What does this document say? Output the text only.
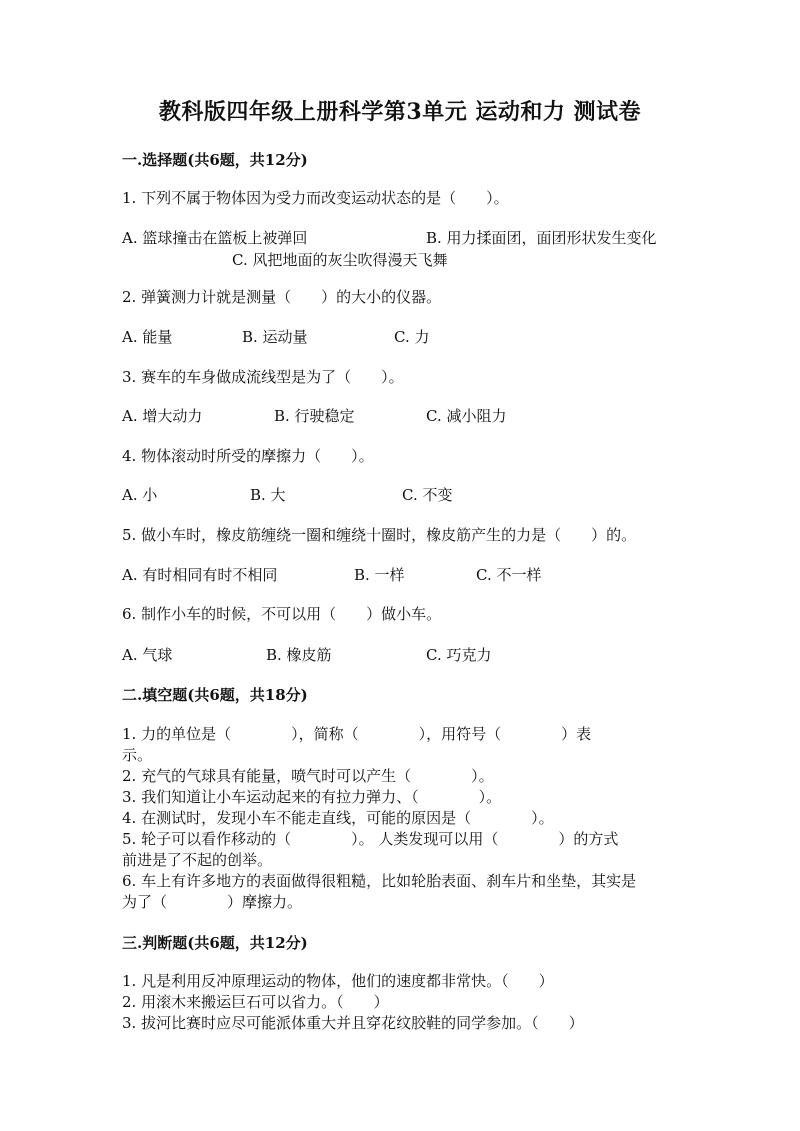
教科版四年级上册科学第3单元 运动和力 测试卷
一.选择题(共6题，共12分)
1. 下列不属于物体因为受力而改变运动状态的是（　　）。
A. 篮球撞击在篮板上被弹回	B. 用力揉面团，面团形状发生变化
C. 风把地面的灰尘吹得漫天飞舞
2. 弹簧测力计就是测量（　　）的大小的仪器。
A. 能量	B. 运动量	C. 力
3. 赛车的车身做成流线型是为了（　　）。
A. 增大动力	B. 行驶稳定	C. 减小阻力
4. 物体滚动时所受的摩擦力（　　）。
A. 小	B. 大	C. 不变
5. 做小车时，橡皮筋缠绕一圈和缠绕十圈时，橡皮筋产生的力是（　　）的。
A. 有时相同有时不相同	B. 一样	C. 不一样
6. 制作小车的时候，不可以用（　　）做小车。
A. 气球	B. 橡皮筋	C. 巧克力
二.填空题(共6题，共18分)
1. 力的单位是（　　　　），简称（　　　　），用符号（　　　　）表
示。
2. 充气的气球具有能量，喷气时可以产生（　　　　）。
3. 我们知道让小车运动起来的有拉力弹力、（　　　　）。
4. 在测试时，发现小车不能走直线，可能的原因是（　　　　）。
5. 轮子可以看作移动的（　　　　）。 人类发现可以用（　　　　）的方式
前进是了不起的创举。
6. 车上有许多地方的表面做得很粗糙，比如轮胎表面、刹车片和坐垫，其实是
为了（　　　　）摩擦力。
三.判断题(共6题，共12分)
1. 凡是利用反冲原理运动的物体，他们的速度都非常快。（　　）
2. 用滚木来搬运巨石可以省力。（　　）
3. 拔河比赛时应尽可能派体重大并且穿花纹胶鞋的同学参加。（　　）
